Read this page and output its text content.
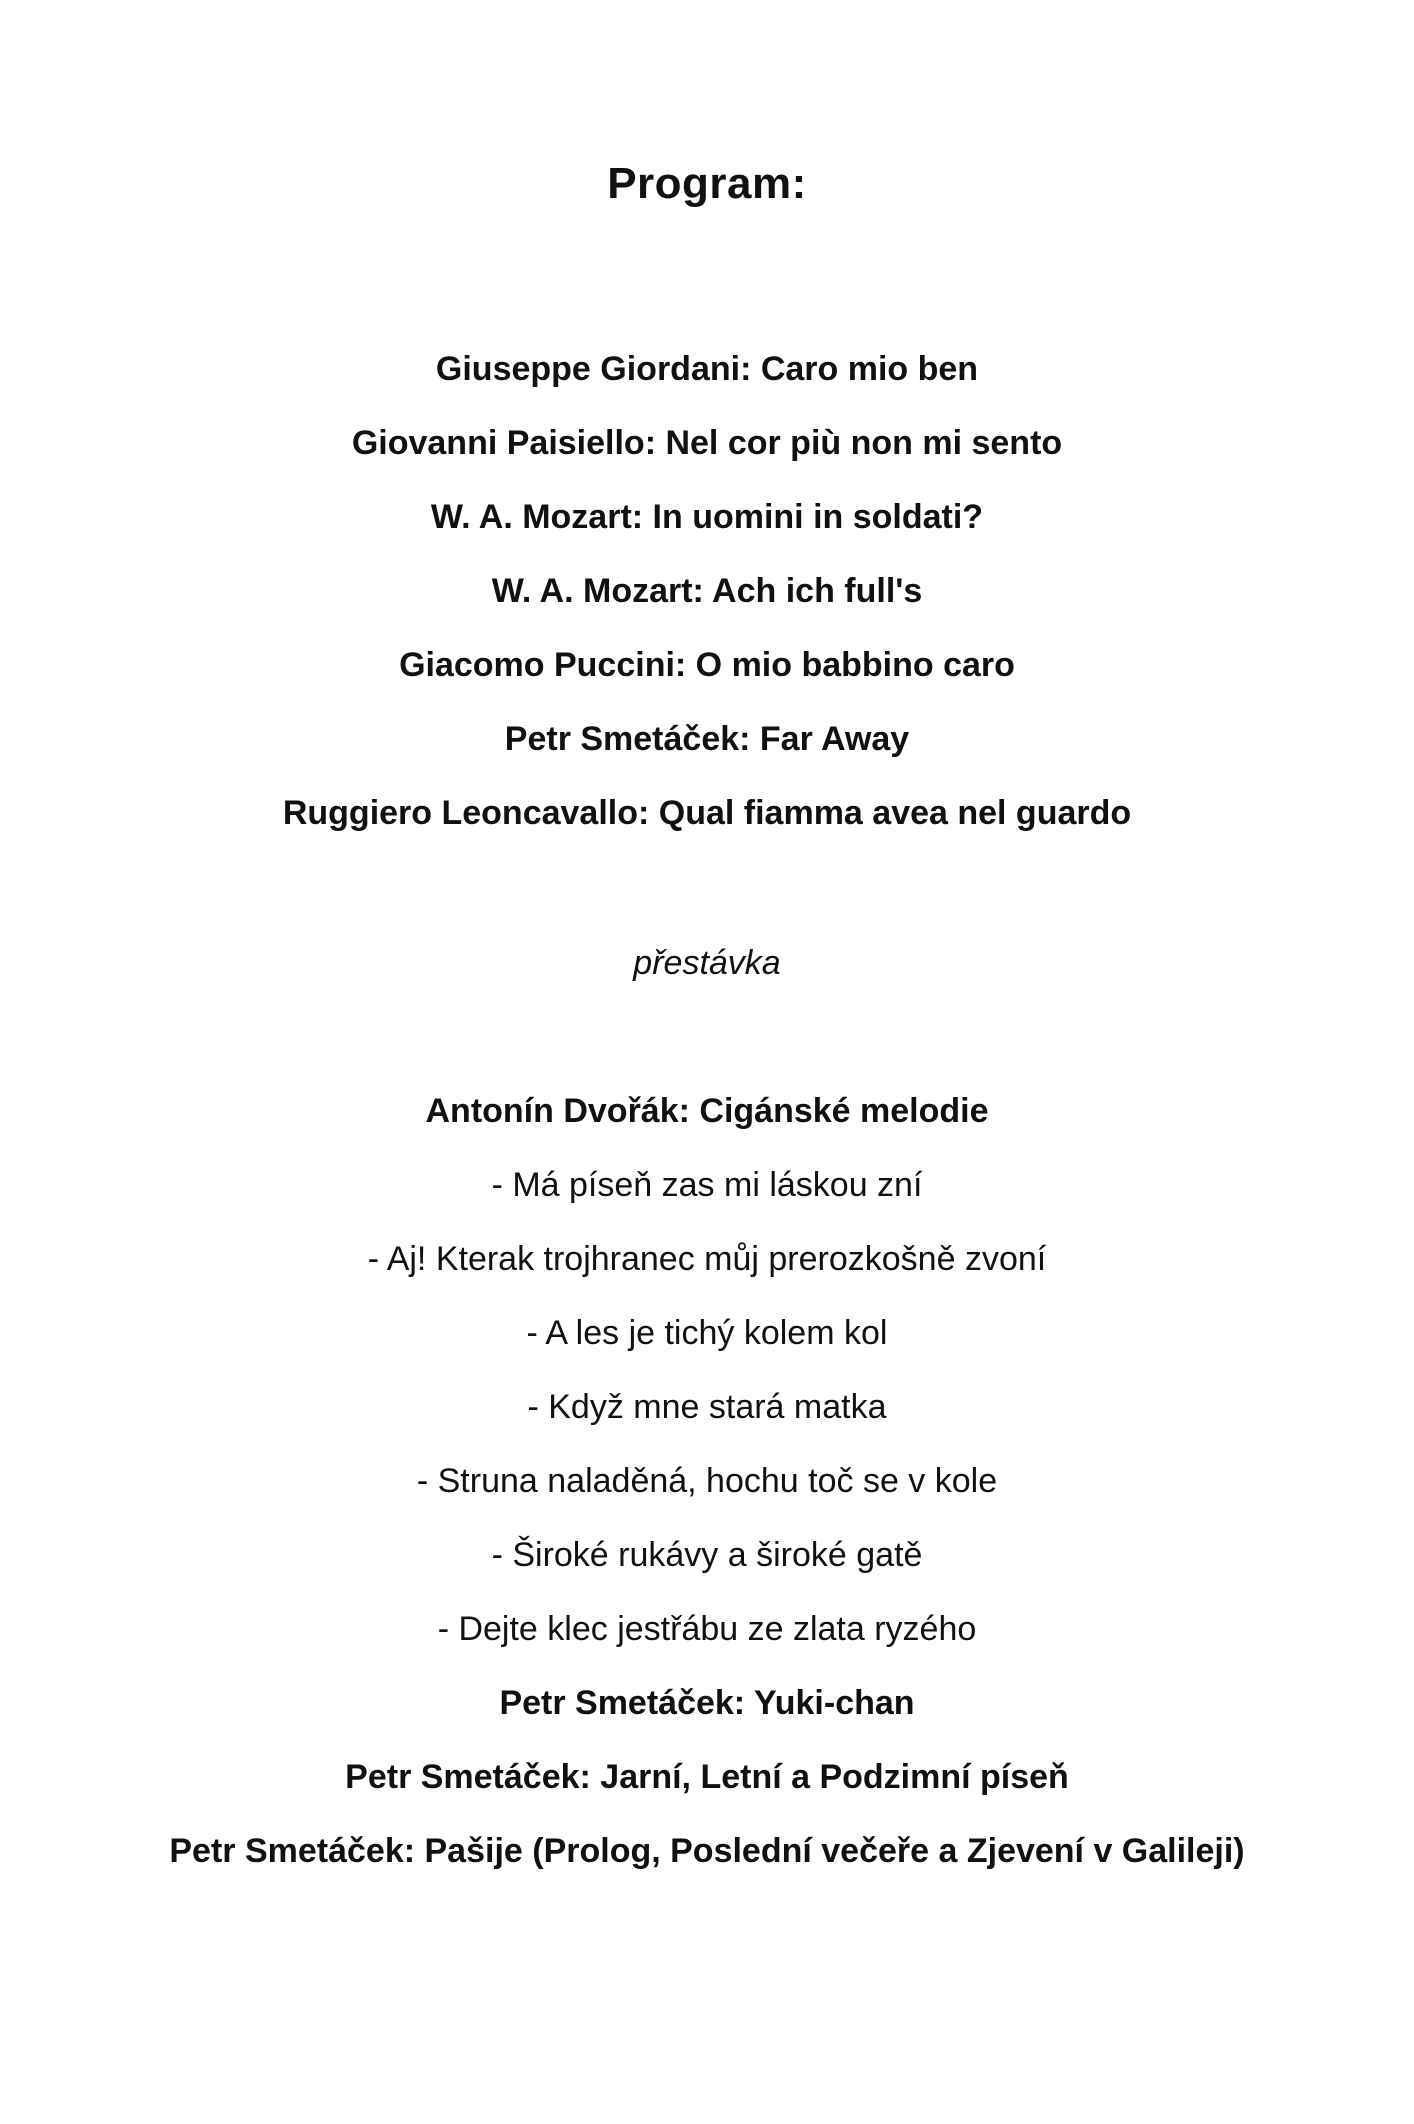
Program:
Giuseppe Giordani: Caro mio ben
Giovanni Paisiello: Nel cor più non mi sento
W. A. Mozart: In uomini in soldati?
W. A. Mozart: Ach ich full's
Giacomo Puccini: O mio babbino caro
Petr Smetáček: Far Away
Ruggiero Leoncavallo: Qual fiamma avea nel guardo
přestávka
Antonín Dvořák: Cigánské melodie
- Má píseň zas mi láskou zní
- Aj! Kterak trojhranec můj prerozkošně zvoní
- A les je tichý kolem kol
- Když mne stará matka
- Struna naladěná, hochu toč se v kole
- Široké rukávy a široké gatě
- Dejte klec jestřábu ze zlata ryzého
Petr Smetáček: Yuki-chan
Petr Smetáček: Jarní, Letní a Podzimní píseň
Petr Smetáček: Pašije (Prolog, Poslední večeře a Zjevení v Galileji)
